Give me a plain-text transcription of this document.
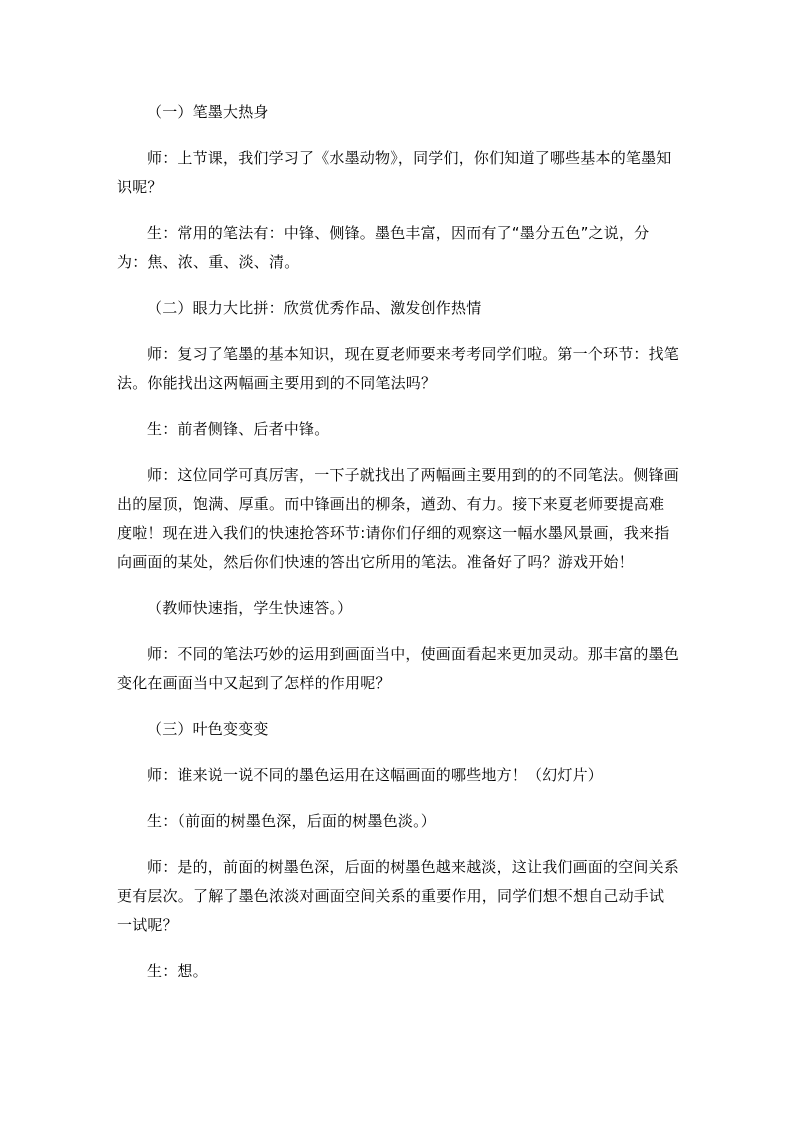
（一）笔墨大热身

师：上节课，我们学习了《水墨动物》，同学们，你们知道了哪些基本的笔墨知识呢？

生：常用的笔法有：中锋、侧锋。墨色丰富，因而有了“墨分五色”之说，分为：焦、浓、重、淡、清。

（二）眼力大比拼：欣赏优秀作品、激发创作热情

师：复习了笔墨的基本知识，现在夏老师要来考考同学们啦。第一个环节：找笔法。你能找出这两幅画主要用到的不同笔法吗？

生：前者侧锋、后者中锋。

师：这位同学可真厉害，一下子就找出了两幅画主要用到的的不同笔法。侧锋画出的屋顶，饱满、厚重。而中锋画出的柳条，遒劲、有力。接下来夏老师要提高难度啦！现在进入我们的快速抢答环节:请你们仔细的观察这一幅水墨风景画，我来指向画面的某处，然后你们快速的答出它所用的笔法。准备好了吗？游戏开始！

（教师快速指，学生快速答。）

师：不同的笔法巧妙的运用到画面当中，使画面看起来更加灵动。那丰富的墨色变化在画面当中又起到了怎样的作用呢？

（三）叶色变变变

师：谁来说一说不同的墨色运用在这幅画面的哪些地方！（幻灯片）

生：（前面的树墨色深，后面的树墨色淡。）

师：是的，前面的树墨色深，后面的树墨色越来越淡，这让我们画面的空间关系更有层次。了解了墨色浓淡对画面空间关系的重要作用，同学们想不想自己动手试一试呢？

生：想。
